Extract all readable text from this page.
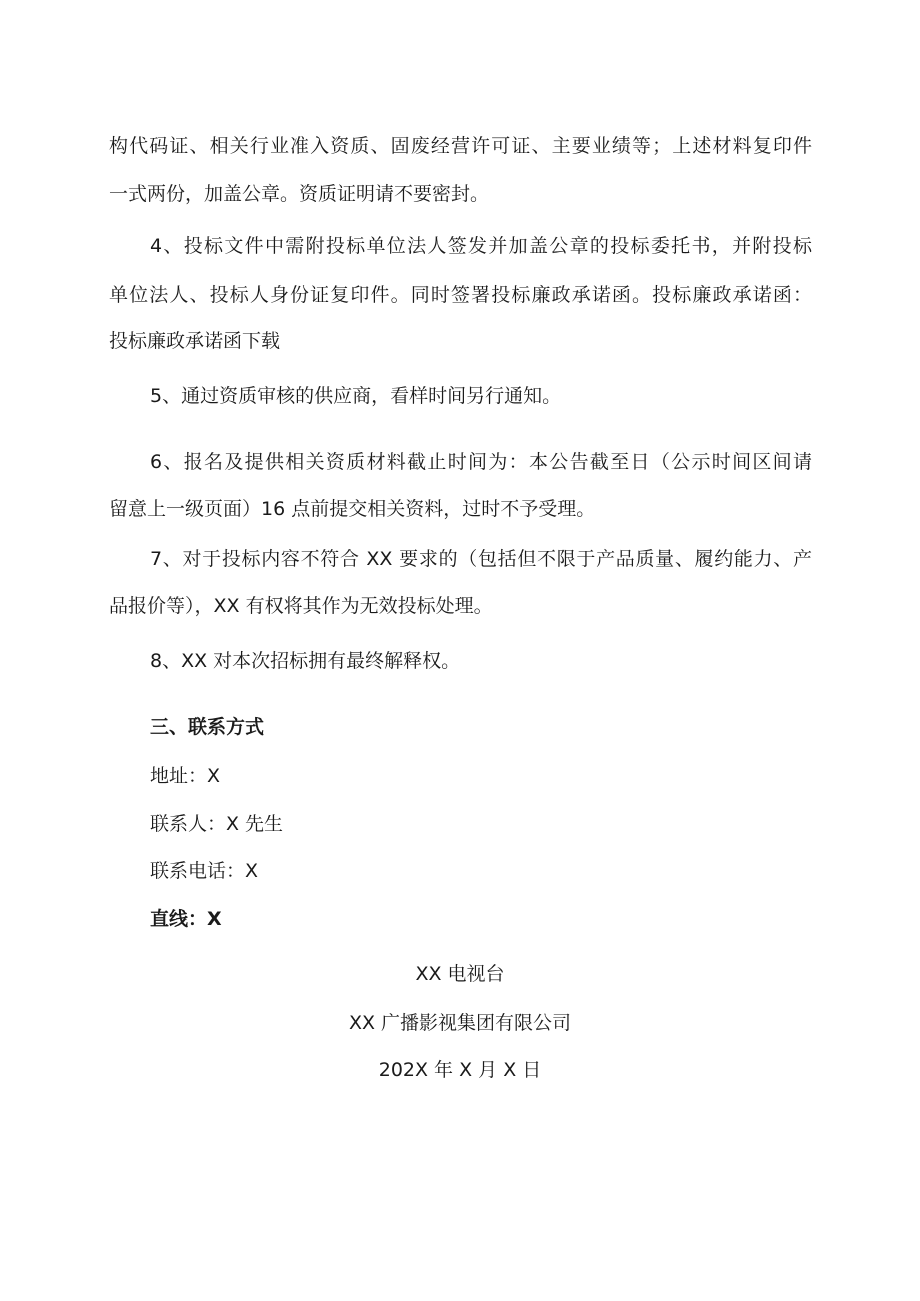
构代码证、相关行业准入资质、固废经营许可证、主要业绩等；上述材料复印件
一式两份，加盖公章。资质证明请不要密封。
4、投标文件中需附投标单位法人签发并加盖公章的投标委托书，并附投标
单位法人、投标人身份证复印件。同时签署投标廉政承诺函。投标廉政承诺函：
投标廉政承诺函下载
5、通过资质审核的供应商，看样时间另行通知。
6、报名及提供相关资质材料截止时间为：本公告截至日（公示时间区间请
留意上一级页面）16 点前提交相关资料，过时不予受理。
7、对于投标内容不符合 XX 要求的（包括但不限于产品质量、履约能力、产
品报价等），XX 有权将其作为无效投标处理。
8、XX 对本次招标拥有最终解释权。
三、联系方式
地址：X
联系人：X 先生
联系电话：X
直线：X
XX 电视台
XX 广播影视集团有限公司
202X 年 X 月 X 日
